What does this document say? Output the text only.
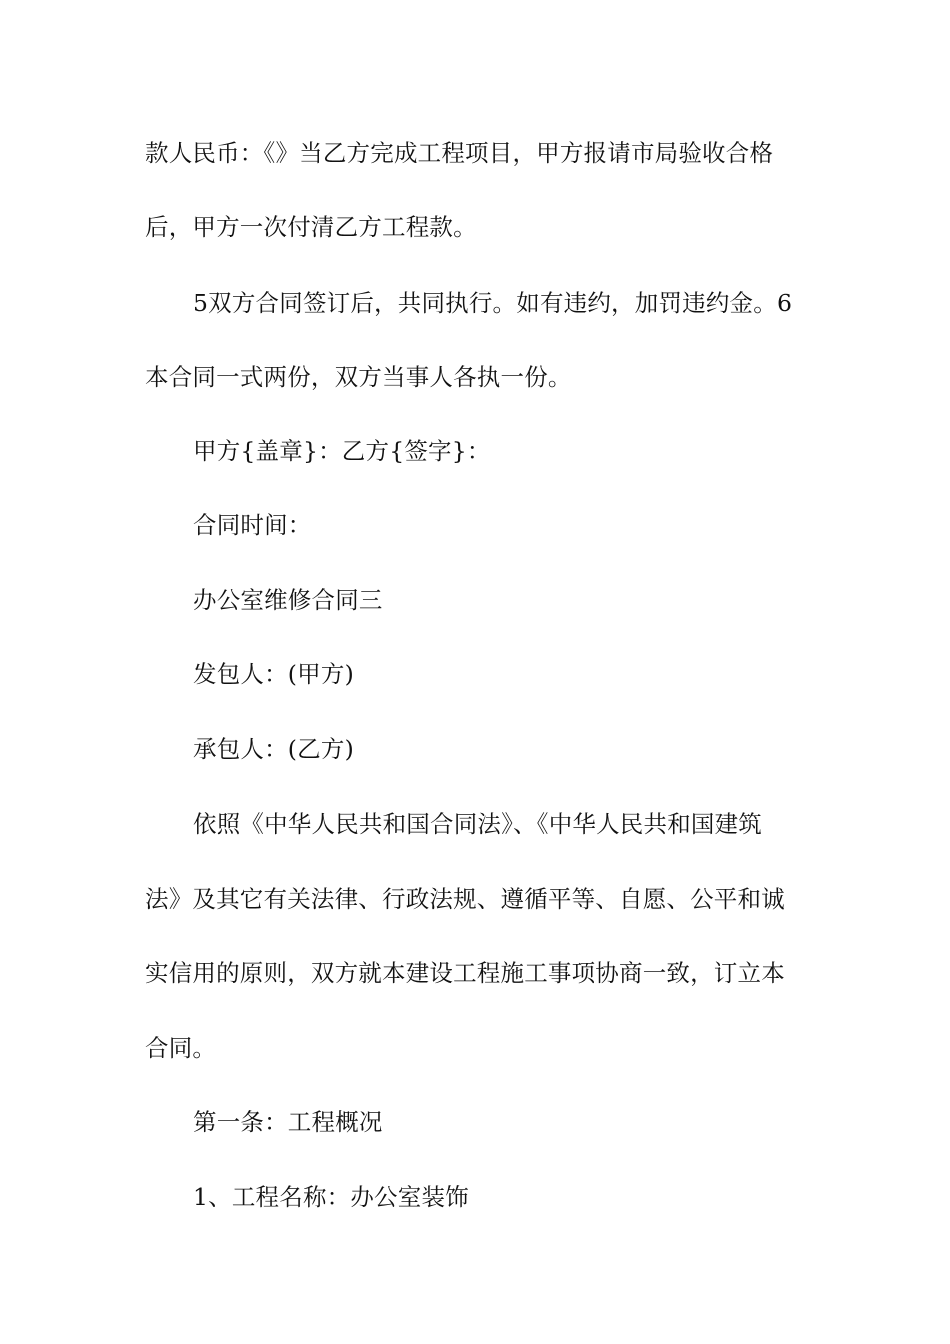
款人民币：《》当乙方完成工程项目，甲方报请市局验收合格
后，甲方一次付清乙方工程款。
5双方合同签订后，共同执行。如有违约，加罚违约金。6
本合同一式两份，双方当事人各执一份。
甲方{盖章}：乙方{签字}：
合同时间：
办公室维修合同三
发包人：(甲方)
承包人：(乙方)
依照《中华人民共和国合同法》、《中华人民共和国建筑
法》及其它有关法律、行政法规、遵循平等、自愿、公平和诚
实信用的原则，双方就本建设工程施工事项协商一致，订立本
合同。
第一条：工程概况
1、工程名称：办公室装饰
